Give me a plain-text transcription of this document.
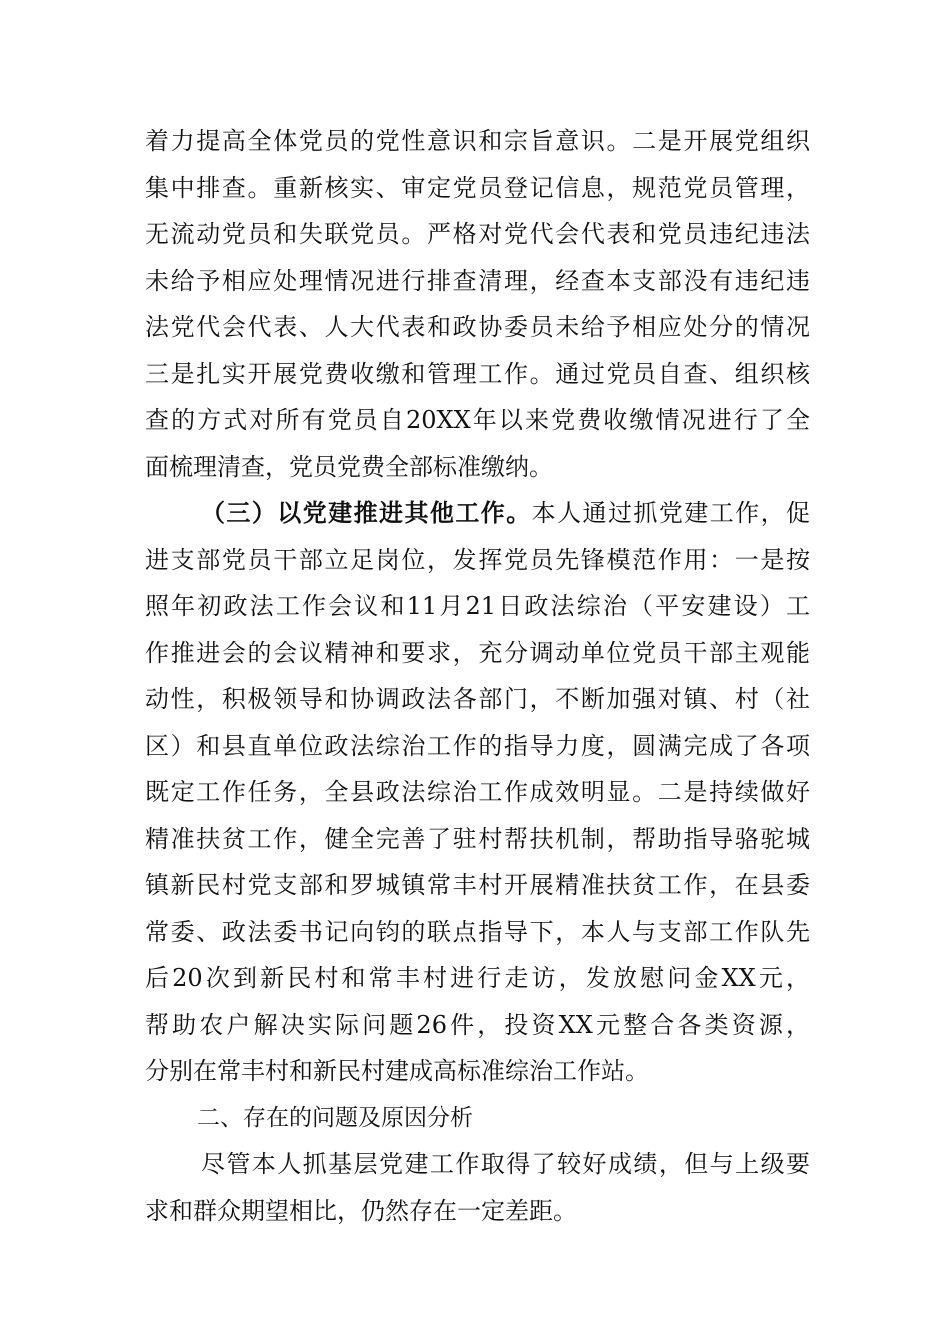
着力提高全体党员的党性意识和宗旨意识。二是开展党组织
集中排查。重新核实、审定党员登记信息，规范党员管理，
无流动党员和失联党员。严格对党代会代表和党员违纪违法
未给予相应处理情况进行排查清理，经查本支部没有违纪违
法党代会代表、人大代表和政协委员未给予相应处分的情况
三是扎实开展党费收缴和管理工作。通过党员自查、组织核
查的方式对所有党员自20XX年以来党费收缴情况进行了全
面梳理清查，党员党费全部标准缴纳。
（三）以党建推进其他工作。本人通过抓党建工作，促
进支部党员干部立足岗位，发挥党员先锋模范作用：一是按
照年初政法工作会议和11月21日政法综治（平安建设）工
作推进会的会议精神和要求，充分调动单位党员干部主观能
动性，积极领导和协调政法各部门，不断加强对镇、村（社
区）和县直单位政法综治工作的指导力度，圆满完成了各项
既定工作任务，全县政法综治工作成效明显。二是持续做好
精准扶贫工作，健全完善了驻村帮扶机制，帮助指导骆驼城
镇新民村党支部和罗城镇常丰村开展精准扶贫工作，在县委
常委、政法委书记向钧的联点指导下，本人与支部工作队先
后20次到新民村和常丰村进行走访，发放慰问金XX元，
帮助农户解决实际问题26件，投资XX元整合各类资源，
分别在常丰村和新民村建成高标准综治工作站。
二、存在的问题及原因分析
尽管本人抓基层党建工作取得了较好成绩，但与上级要
求和群众期望相比，仍然存在一定差距。
